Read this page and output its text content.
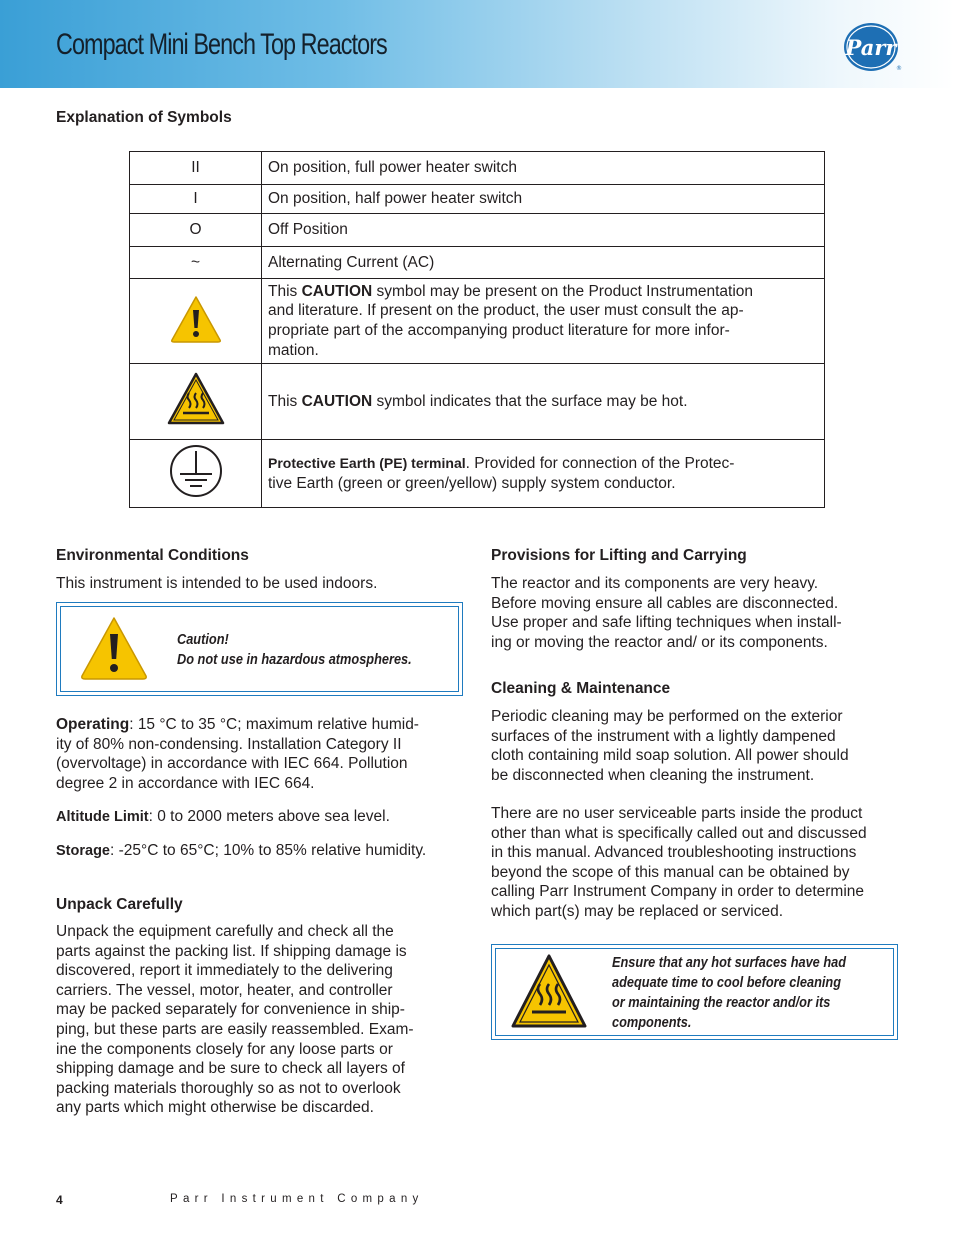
Compact Mini Bench Top Reactors	Parr
®
Explanation of Symbols
II	On position, full power heater switch
I	On position, half power heater switch
O	Off Position
~	Alternating Current (AC)
	This CAUTION symbol may be present on the Product Instrumentation
and literature. If present on the product, the user must consult the ap-
propriate part of the accompanying product literature for more infor-
mation.
	This CAUTION symbol indicates that the surface may be hot.
	Protective Earth (PE) terminal. Provided for connection of the Protec-
tive Earth (green or green/yellow) supply system conductor.
Environmental Conditions
This instrument is intended to be used indoors.
Caution!
Do not use in hazardous atmospheres.
Operating: 15 °C to 35 °C; maximum relative humid-
ity of 80% non-condensing. Installation Category II
(overvoltage) in accordance with IEC 664. Pollution
degree 2 in accordance with IEC 664.
Altitude Limit: 0 to 2000 meters above sea level.
Storage: -25°C to 65°C; 10% to 85% relative humidity.
Unpack Carefully
Unpack the equipment carefully and check all the
parts against the packing list. If shipping damage is
discovered, report it immediately to the delivering
carriers. The vessel, motor, heater, and controller
may be packed separately for convenience in ship-
ping, but these parts are easily reassembled. Exam-
ine the components closely for any loose parts or
shipping damage and be sure to check all layers of
packing materials thoroughly so as not to overlook
any parts which might otherwise be discarded.
Provisions for Lifting and Carrying
The reactor and its components are very heavy.
Before moving ensure all cables are disconnected.
Use proper and safe lifting techniques when install-
ing or moving the reactor and/ or its components.
Cleaning & Maintenance
Periodic cleaning may be performed on the exterior
surfaces of the instrument with a lightly dampened
cloth containing mild soap solution. All power should
be disconnected when cleaning the instrument.
There are no user serviceable parts inside the product
other than what is specifically called out and discussed
in this manual. Advanced troubleshooting instructions
beyond the scope of this manual can be obtained by
calling Parr Instrument Company in order to determine
which part(s) may be replaced or serviced.
Ensure that any hot surfaces have had
adequate time to cool before cleaning
or maintaining the reactor and/or its
components.
4	Parr Instrument Company
